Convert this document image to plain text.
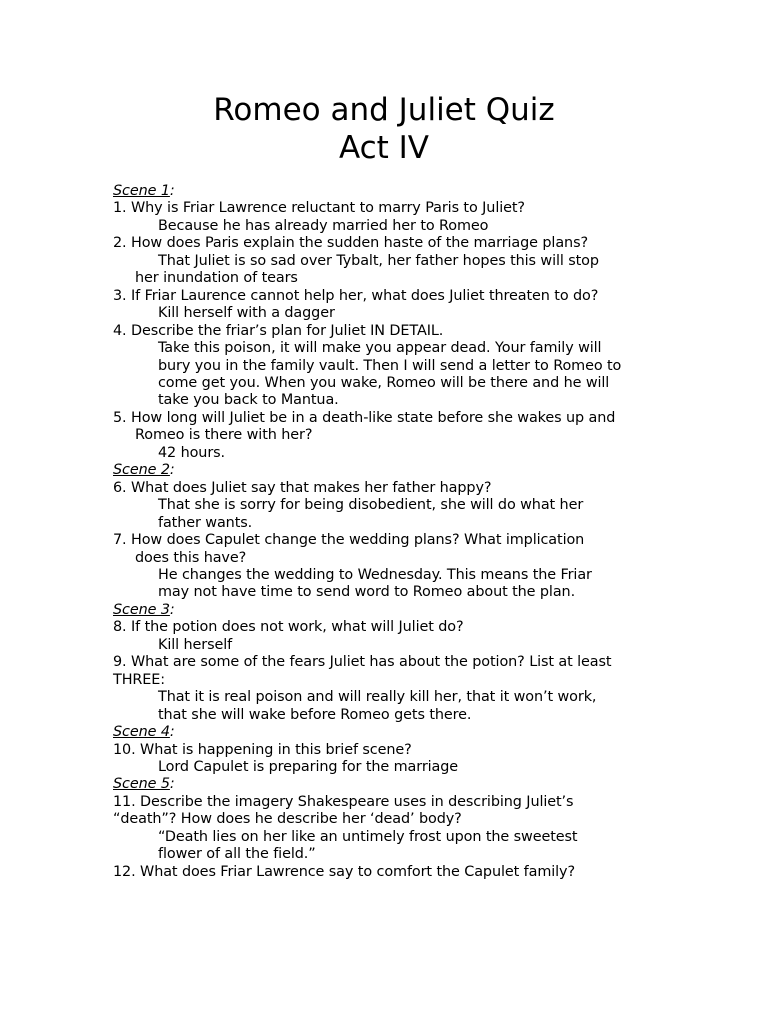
Romeo and Juliet Quiz
Act IV
Scene 1:
1. Why is Friar Lawrence reluctant to marry Paris to Juliet?
Because he has already married her to Romeo
2. How does Paris explain the sudden haste of the marriage plans?
That Juliet is so sad over Tybalt, her father hopes this will stop
her inundation of tears
3. If Friar Laurence cannot help her, what does Juliet threaten to do?
Kill herself with a dagger
4. Describe the friar’s plan for Juliet IN DETAIL.
Take this poison, it will make you appear dead. Your family will
bury you in the family vault. Then I will send a letter to Romeo to
come get you. When you wake, Romeo will be there and he will
take you back to Mantua.
5. How long will Juliet be in a death-like state before she wakes up and
Romeo is there with her?
42 hours.
Scene 2:
6. What does Juliet say that makes her father happy?
That she is sorry for being disobedient, she will do what her
father wants.
7. How does Capulet change the wedding plans? What implication
does this have?
He changes the wedding to Wednesday. This means the Friar
may not have time to send word to Romeo about the plan.
Scene 3:
8. If the potion does not work, what will Juliet do?
Kill herself
9. What are some of the fears Juliet has about the potion? List at least
THREE:
That it is real poison and will really kill her, that it won’t work,
that she will wake before Romeo gets there.
Scene 4:
10. What is happening in this brief scene?
Lord Capulet is preparing for the marriage
Scene 5:
11. Describe the imagery Shakespeare uses in describing Juliet’s
“death”? How does he describe her ‘dead’ body?
“Death lies on her like an untimely frost upon the sweetest
flower of all the field.”
12. What does Friar Lawrence say to comfort the Capulet family?
